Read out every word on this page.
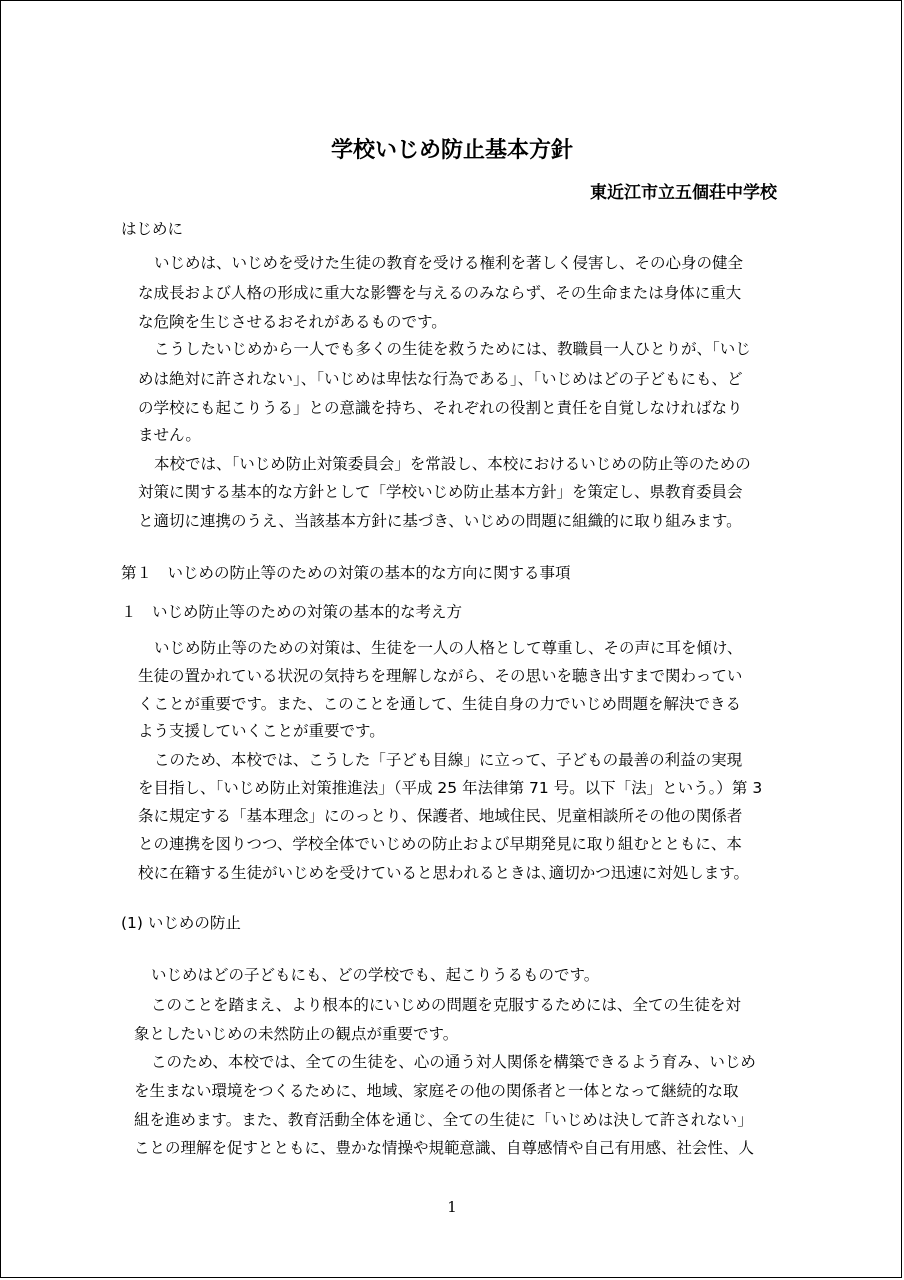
学校いじめ防止基本方針
東近江市立五個荘中学校
はじめに
いじめは、いじめを受けた生徒の教育を受ける権利を著しく侵害し、その心身の健全
な成長および人格の形成に重大な影響を与えるのみならず、その生命または身体に重大
な危険を生じさせるおそれがあるものです。
こうしたいじめから一人でも多くの生徒を救うためには、教職員一人ひとりが、「いじ
めは絶対に許されない」、「いじめは卑怯な行為である」、「いじめはどの子どもにも、ど
の学校にも起こりうる」との意識を持ち、それぞれの役割と責任を自覚しなければなり
ません。
本校では、「いじめ防止対策委員会」を常設し、本校におけるいじめの防止等のための
対策に関する基本的な方針として「学校いじめ防止基本方針」を策定し、県教育委員会
と適切に連携のうえ、当該基本方針に基づき、いじめの問題に組織的に取り組みます。
第１　いじめの防止等のための対策の基本的な方向に関する事項
１　いじめ防止等のための対策の基本的な考え方
いじめ防止等のための対策は、生徒を一人の人格として尊重し、その声に耳を傾け、
生徒の置かれている状況の気持ちを理解しながら、その思いを聴き出すまで関わってい
くことが重要です。また、このことを通して、生徒自身の力でいじめ問題を解決できる
よう支援していくことが重要です。
このため、本校では、こうした「子ども目線」に立って、子どもの最善の利益の実現
を目指し、「いじめ防止対策推進法」（平成 25 年法律第 71 号。以下「法」という。）第 3
条に規定する「基本理念」にのっとり、保護者、地域住民、児童相談所その他の関係者
との連携を図りつつ、学校全体でいじめの防止および早期発見に取り組むとともに、本
校に在籍する生徒がいじめを受けていると思われるときは､適切かつ迅速に対処します。
(1) いじめの防止
いじめはどの子どもにも、どの学校でも、起こりうるものです。
このことを踏まえ、より根本的にいじめの問題を克服するためには、全ての生徒を対
象としたいじめの未然防止の観点が重要です。
このため、本校では、全ての生徒を、心の通う対人関係を構築できるよう育み、いじめ
を生まない環境をつくるために、地域、家庭その他の関係者と一体となって継続的な取
組を進めます。また、教育活動全体を通じ、全ての生徒に「いじめは決して許されない」
ことの理解を促すとともに、豊かな情操や規範意識、自尊感情や自己有用感、社会性、人
1
